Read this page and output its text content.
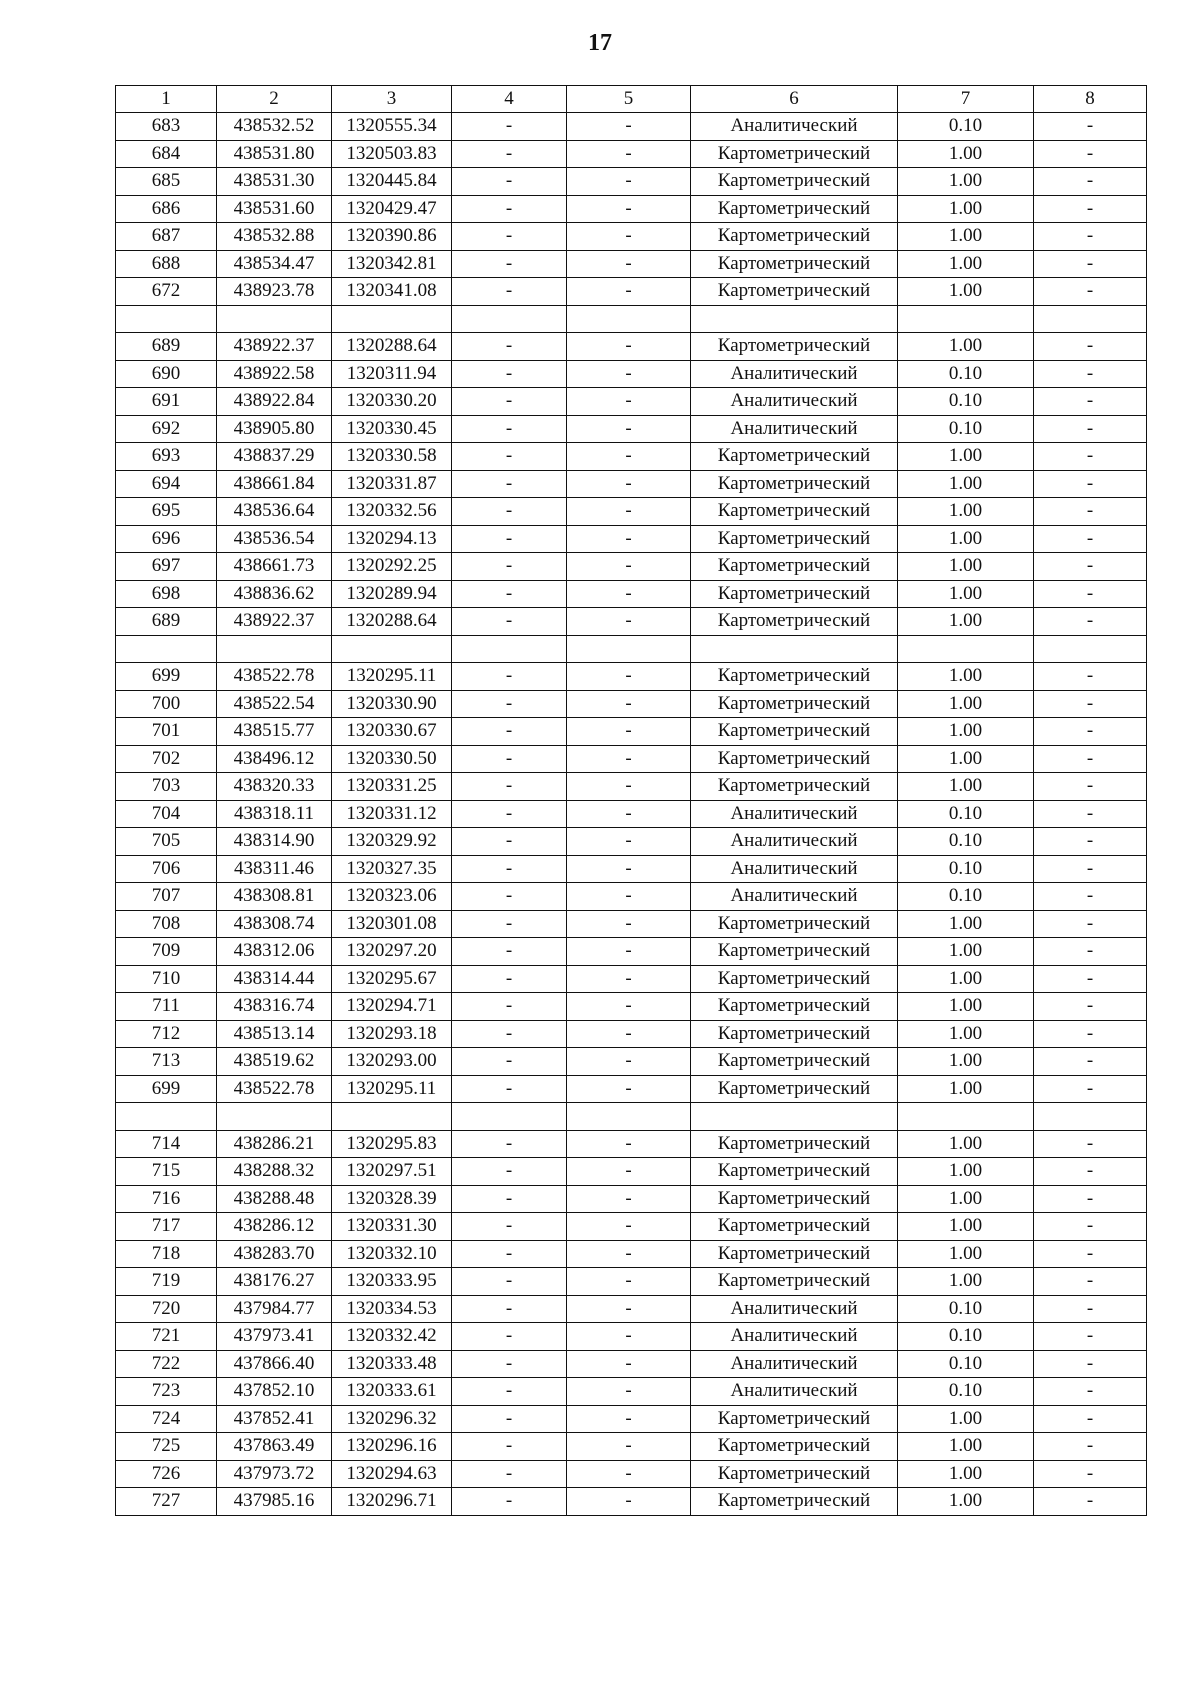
17
1	2	3	4	5	6	7	8
683	438532.52	1320555.34	-	-	Аналитический	0.10	-
684	438531.80	1320503.83	-	-	Картометрический	1.00	-
685	438531.30	1320445.84	-	-	Картометрический	1.00	-
686	438531.60	1320429.47	-	-	Картометрический	1.00	-
687	438532.88	1320390.86	-	-	Картометрический	1.00	-
688	438534.47	1320342.81	-	-	Картометрический	1.00	-
672	438923.78	1320341.08	-	-	Картометрический	1.00	-

689	438922.37	1320288.64	-	-	Картометрический	1.00	-
690	438922.58	1320311.94	-	-	Аналитический	0.10	-
691	438922.84	1320330.20	-	-	Аналитический	0.10	-
692	438905.80	1320330.45	-	-	Аналитический	0.10	-
693	438837.29	1320330.58	-	-	Картометрический	1.00	-
694	438661.84	1320331.87	-	-	Картометрический	1.00	-
695	438536.64	1320332.56	-	-	Картометрический	1.00	-
696	438536.54	1320294.13	-	-	Картометрический	1.00	-
697	438661.73	1320292.25	-	-	Картометрический	1.00	-
698	438836.62	1320289.94	-	-	Картометрический	1.00	-
689	438922.37	1320288.64	-	-	Картометрический	1.00	-

699	438522.78	1320295.11	-	-	Картометрический	1.00	-
700	438522.54	1320330.90	-	-	Картометрический	1.00	-
701	438515.77	1320330.67	-	-	Картометрический	1.00	-
702	438496.12	1320330.50	-	-	Картометрический	1.00	-
703	438320.33	1320331.25	-	-	Картометрический	1.00	-
704	438318.11	1320331.12	-	-	Аналитический	0.10	-
705	438314.90	1320329.92	-	-	Аналитический	0.10	-
706	438311.46	1320327.35	-	-	Аналитический	0.10	-
707	438308.81	1320323.06	-	-	Аналитический	0.10	-
708	438308.74	1320301.08	-	-	Картометрический	1.00	-
709	438312.06	1320297.20	-	-	Картометрический	1.00	-
710	438314.44	1320295.67	-	-	Картометрический	1.00	-
711	438316.74	1320294.71	-	-	Картометрический	1.00	-
712	438513.14	1320293.18	-	-	Картометрический	1.00	-
713	438519.62	1320293.00	-	-	Картометрический	1.00	-
699	438522.78	1320295.11	-	-	Картометрический	1.00	-

714	438286.21	1320295.83	-	-	Картометрический	1.00	-
715	438288.32	1320297.51	-	-	Картометрический	1.00	-
716	438288.48	1320328.39	-	-	Картометрический	1.00	-
717	438286.12	1320331.30	-	-	Картометрический	1.00	-
718	438283.70	1320332.10	-	-	Картометрический	1.00	-
719	438176.27	1320333.95	-	-	Картометрический	1.00	-
720	437984.77	1320334.53	-	-	Аналитический	0.10	-
721	437973.41	1320332.42	-	-	Аналитический	0.10	-
722	437866.40	1320333.48	-	-	Аналитический	0.10	-
723	437852.10	1320333.61	-	-	Аналитический	0.10	-
724	437852.41	1320296.32	-	-	Картометрический	1.00	-
725	437863.49	1320296.16	-	-	Картометрический	1.00	-
726	437973.72	1320294.63	-	-	Картометрический	1.00	-
727	437985.16	1320296.71	-	-	Картометрический	1.00	-
